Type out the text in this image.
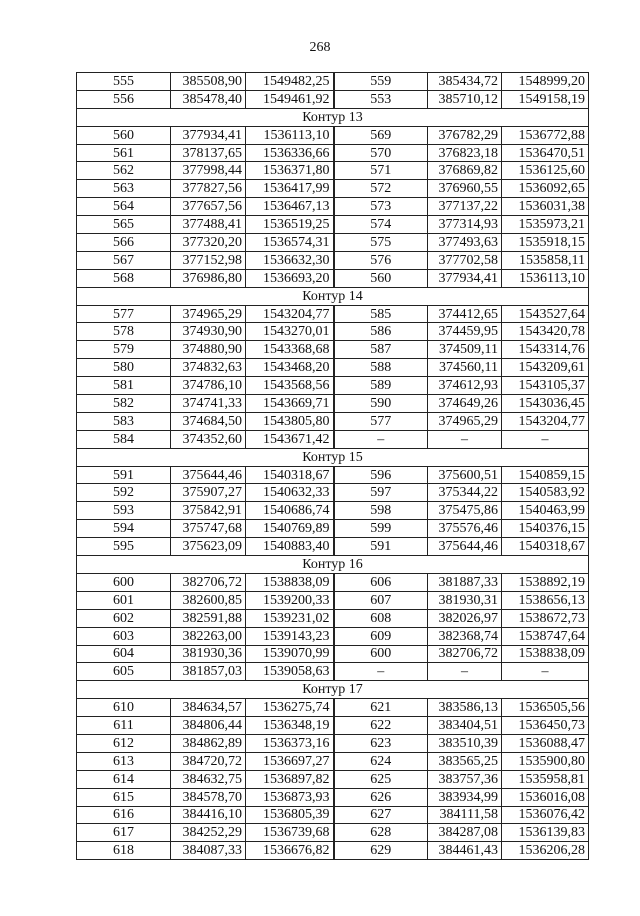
268
555	385508,90	1549482,25	559	385434,72	1548999,20
556	385478,40	1549461,92	553	385710,12	1549158,19
Контур 13					
560	377934,41	1536113,10	569	376782,29	1536772,88
561	378137,65	1536336,66	570	376823,18	1536470,51
562	377998,44	1536371,80	571	376869,82	1536125,60
563	377827,56	1536417,99	572	376960,55	1536092,65
564	377657,56	1536467,13	573	377137,22	1536031,38
565	377488,41	1536519,25	574	377314,93	1535973,21
566	377320,20	1536574,31	575	377493,63	1535918,15
567	377152,98	1536632,30	576	377702,58	1535858,11
568	376986,80	1536693,20	560	377934,41	1536113,10
Контур 14					
577	374965,29	1543204,77	585	374412,65	1543527,64
578	374930,90	1543270,01	586	374459,95	1543420,78
579	374880,90	1543368,68	587	374509,11	1543314,76
580	374832,63	1543468,20	588	374560,11	1543209,61
581	374786,10	1543568,56	589	374612,93	1543105,37
582	374741,33	1543669,71	590	374649,26	1543036,45
583	374684,50	1543805,80	577	374965,29	1543204,77
584	374352,60	1543671,42	–	–	–
Контур 15					
591	375644,46	1540318,67	596	375600,51	1540859,15
592	375907,27	1540632,33	597	375344,22	1540583,92
593	375842,91	1540686,74	598	375475,86	1540463,99
594	375747,68	1540769,89	599	375576,46	1540376,15
595	375623,09	1540883,40	591	375644,46	1540318,67
Контур 16					
600	382706,72	1538838,09	606	381887,33	1538892,19
601	382600,85	1539200,33	607	381930,31	1538656,13
602	382591,88	1539231,02	608	382026,97	1538672,73
603	382263,00	1539143,23	609	382368,74	1538747,64
604	381930,36	1539070,99	600	382706,72	1538838,09
605	381857,03	1539058,63	–	–	–
Контур 17					
610	384634,57	1536275,74	621	383586,13	1536505,56
611	384806,44	1536348,19	622	383404,51	1536450,73
612	384862,89	1536373,16	623	383510,39	1536088,47
613	384720,72	1536697,27	624	383565,25	1535900,80
614	384632,75	1536897,82	625	383757,36	1535958,81
615	384578,70	1536873,93	626	383934,99	1536016,08
616	384416,10	1536805,39	627	384111,58	1536076,42
617	384252,29	1536739,68	628	384287,08	1536139,83
618	384087,33	1536676,82	629	384461,43	1536206,28
